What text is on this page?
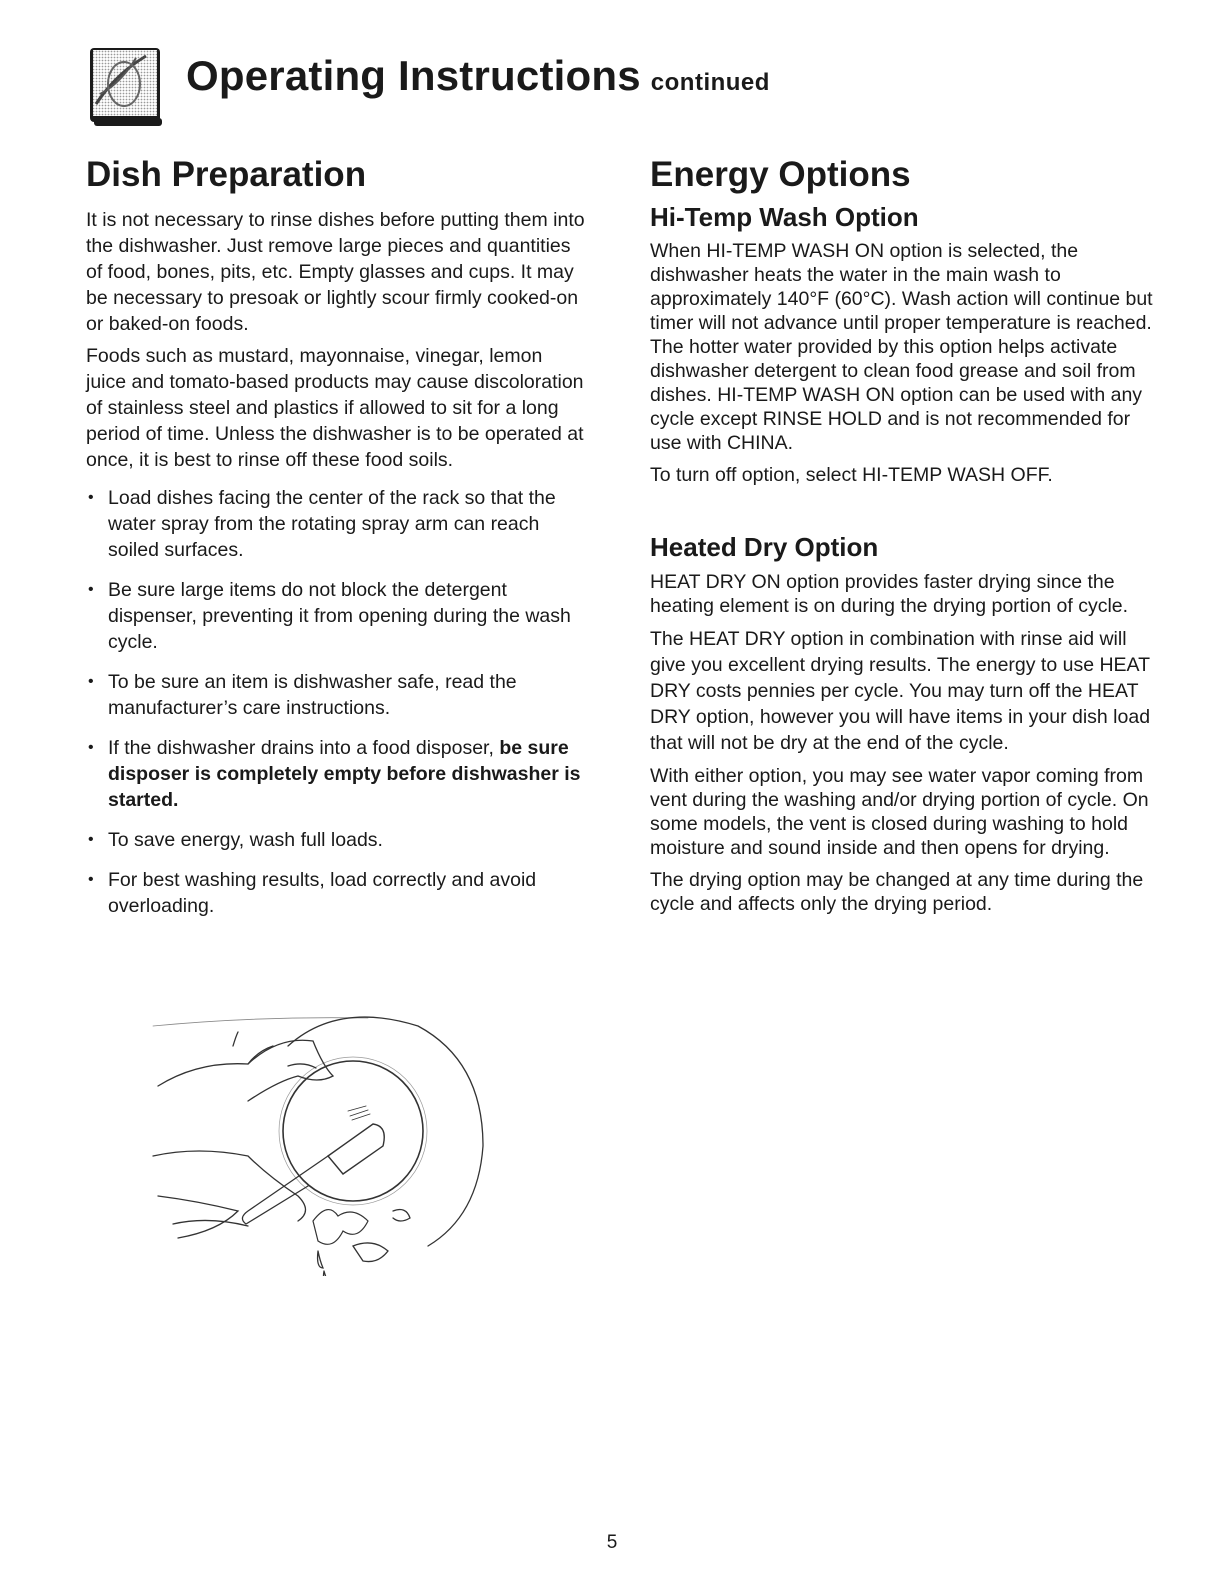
Operating Instructions continued
Dish Preparation

It is not necessary to rinse dishes before putting them into the dishwasher. Just remove large pieces and quantities of food, bones, pits, etc. Empty glasses and cups. It may be necessary to presoak or lightly scour firmly cooked-on or baked-on foods.

Foods such as mustard, mayonnaise, vinegar, lemon juice and tomato-based products may cause discoloration of stainless steel and plastics if allowed to sit for a long period of time. Unless the dishwasher is to be operated at once, it is best to rinse off these food soils.

• Load dishes facing the center of the rack so that the water spray from the rotating spray arm can reach soiled surfaces.
• Be sure large items do not block the detergent dispenser, preventing it from opening during the wash cycle.
• To be sure an item is dishwasher safe, read the manufacturer’s care instructions.
• If the dishwasher drains into a food disposer, be sure disposer is completely empty before dishwasher is started.
• To save energy, wash full loads.
• For best washing results, load correctly and avoid overloading.
Energy Options
Hi-Temp Wash Option

When HI-TEMP WASH ON option is selected, the dishwasher heats the water in the main wash to approximately 140°F (60°C). Wash action will continue but timer will not advance until proper temperature is reached. The hotter water provided by this option helps activate dishwasher detergent to clean food grease and soil from dishes. HI-TEMP WASH ON option can be used with any cycle except RINSE HOLD and is not recommended for use with CHINA.

To turn off option, select HI-TEMP WASH OFF.

Heated Dry Option

HEAT DRY ON option provides faster drying since the heating element is on during the drying portion of cycle.

The HEAT DRY option in combination with rinse aid will give you excellent drying results. The energy to use HEAT DRY costs pennies per cycle. You may turn off the HEAT DRY option, however you will have items in your dish load that will not be dry at the end of the cycle.

With either option, you may see water vapor coming from vent during the washing and/or drying portion of cycle. On some models, the vent is closed during washing to hold moisture and sound inside and then opens for drying.

The drying option may be changed at any time during the cycle and affects only the drying period.

5
